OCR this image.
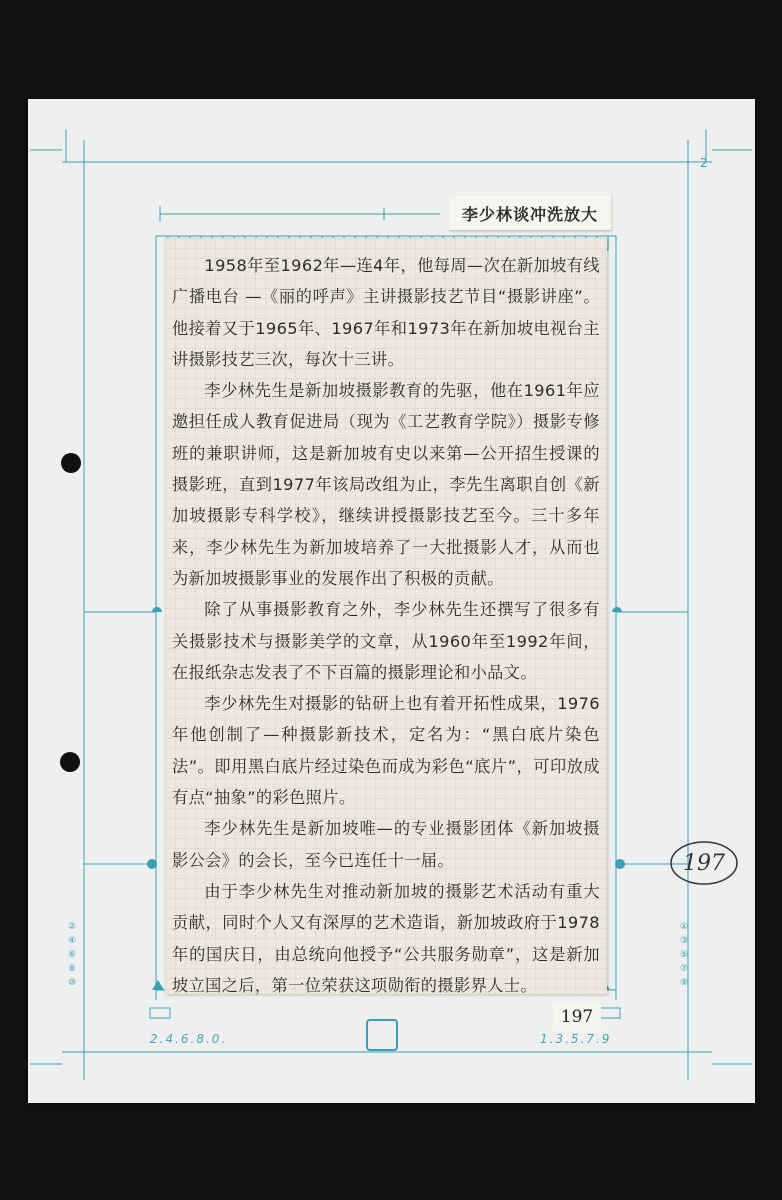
2
李少林谈冲洗放大

1958年至1962年—连4年，他每周—次在新加坡有线广播电台 —《丽的呼声》主讲摄影技艺节目“摄影讲座”。他接着又于1965年、1967年和1973年在新加坡电视台主讲摄影技艺三次，每次十三讲。

李少林先生是新加坡摄影教育的先驱，他在1961年应邀担任成人教育促进局（现为《工艺教育学院》）摄影专修班的兼职讲师，这是新加坡有史以来第—公开招生授课的摄影班，直到1977年该局改组为止，李先生离职自创《新加坡摄影专科学校》，继续讲授摄影技艺至今。三十多年来，李少林先生为新加坡培养了一大批摄影人才，从而也为新加坡摄影事业的发展作出了积极的贡献。

除了从事摄影教育之外，李少林先生还撰写了很多有关摄影技术与摄影美学的文章，从1960年至1992年间，在报纸杂志发表了不下百篇的摄影理论和小品文。

李少林先生对摄影的钻研上也有着开拓性成果，1976年他创制了—种摄影新技术，定名为：“黑白底片染色法”。即用黑白底片经过染色而成为彩色“底片”，可印放成有点“抽象”的彩色照片。

李少林先生是新加坡唯—的专业摄影团体《新加坡摄影公会》的会长，至今已连任十一届。

由于李少林先生对推动新加坡的摄影艺术活动有重大贡献，同时个人又有深厚的艺术造诣，新加坡政府于1978年的国庆日，由总统向他授予“公共服务勋章”，这是新加坡立国之后，第一位荣获这项勋衔的摄影界人士。

197
197
2.4.6.8.0.	1.3.5.7.9
②
④
⑥
⑧
⑩
①
③
⑤
⑦
⑨
